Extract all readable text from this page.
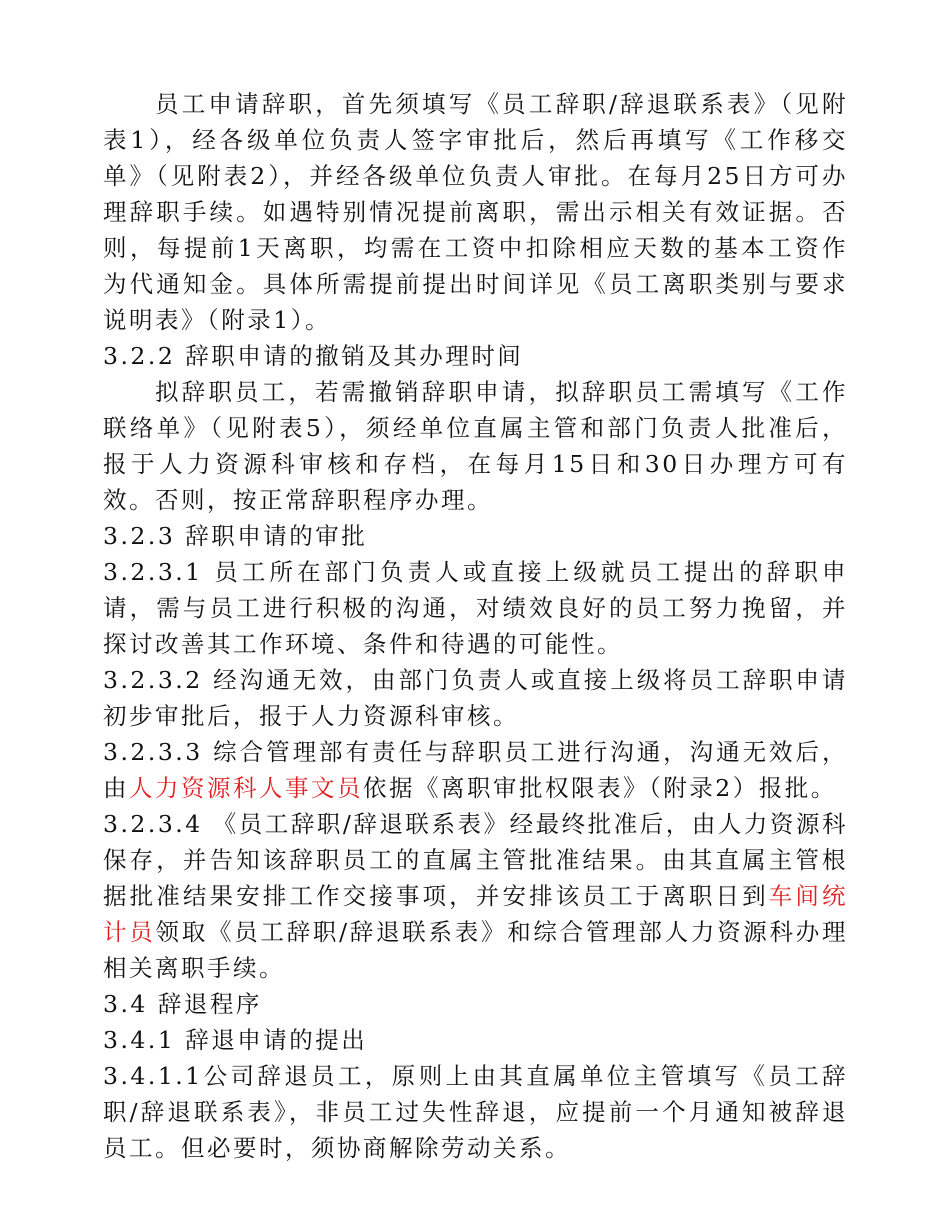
员工申请辞职，首先须填写《员工辞职/辞退联系表》（见附表1），经各级单位负责人签字审批后，然后再填写《工作移交单》（见附表2），并经各级单位负责人审批。在每月25日方可办理辞职手续。如遇特别情况提前离职，需出示相关有效证据。否则，每提前1天离职，均需在工资中扣除相应天数的基本工资作为代通知金。具体所需提前提出时间详见《员工离职类别与要求说明表》（附录1）。

3.2.2 辞职申请的撤销及其办理时间

拟辞职员工，若需撤销辞职申请，拟辞职员工需填写《工作联络单》（见附表5），须经单位直属主管和部门负责人批准后，报于人力资源科审核和存档，在每月15日和30日办理方可有效。否则，按正常辞职程序办理。

3.2.3 辞职申请的审批

3.2.3.1 员工所在部门负责人或直接上级就员工提出的辞职申请，需与员工进行积极的沟通，对绩效良好的员工努力挽留，并探讨改善其工作环境、条件和待遇的可能性。

3.2.3.2 经沟通无效，由部门负责人或直接上级将员工辞职申请初步审批后，报于人力资源科审核。

3.2.3.3 综合管理部有责任与辞职员工进行沟通，沟通无效后，由人力资源科人事文员依据《离职审批权限表》（附录2）报批。

3.2.3.4 《员工辞职/辞退联系表》经最终批准后，由人力资源科保存，并告知该辞职员工的直属主管批准结果。由其直属主管根据批准结果安排工作交接事项，并安排该员工于离职日到车间统计员领取《员工辞职/辞退联系表》和综合管理部人力资源科办理相关离职手续。

3.4 辞退程序

3.4.1 辞退申请的提出

3.4.1.1公司辞退员工，原则上由其直属单位主管填写《员工辞职/辞退联系表》，非员工过失性辞退，应提前一个月通知被辞退员工。但必要时，须协商解除劳动关系。
